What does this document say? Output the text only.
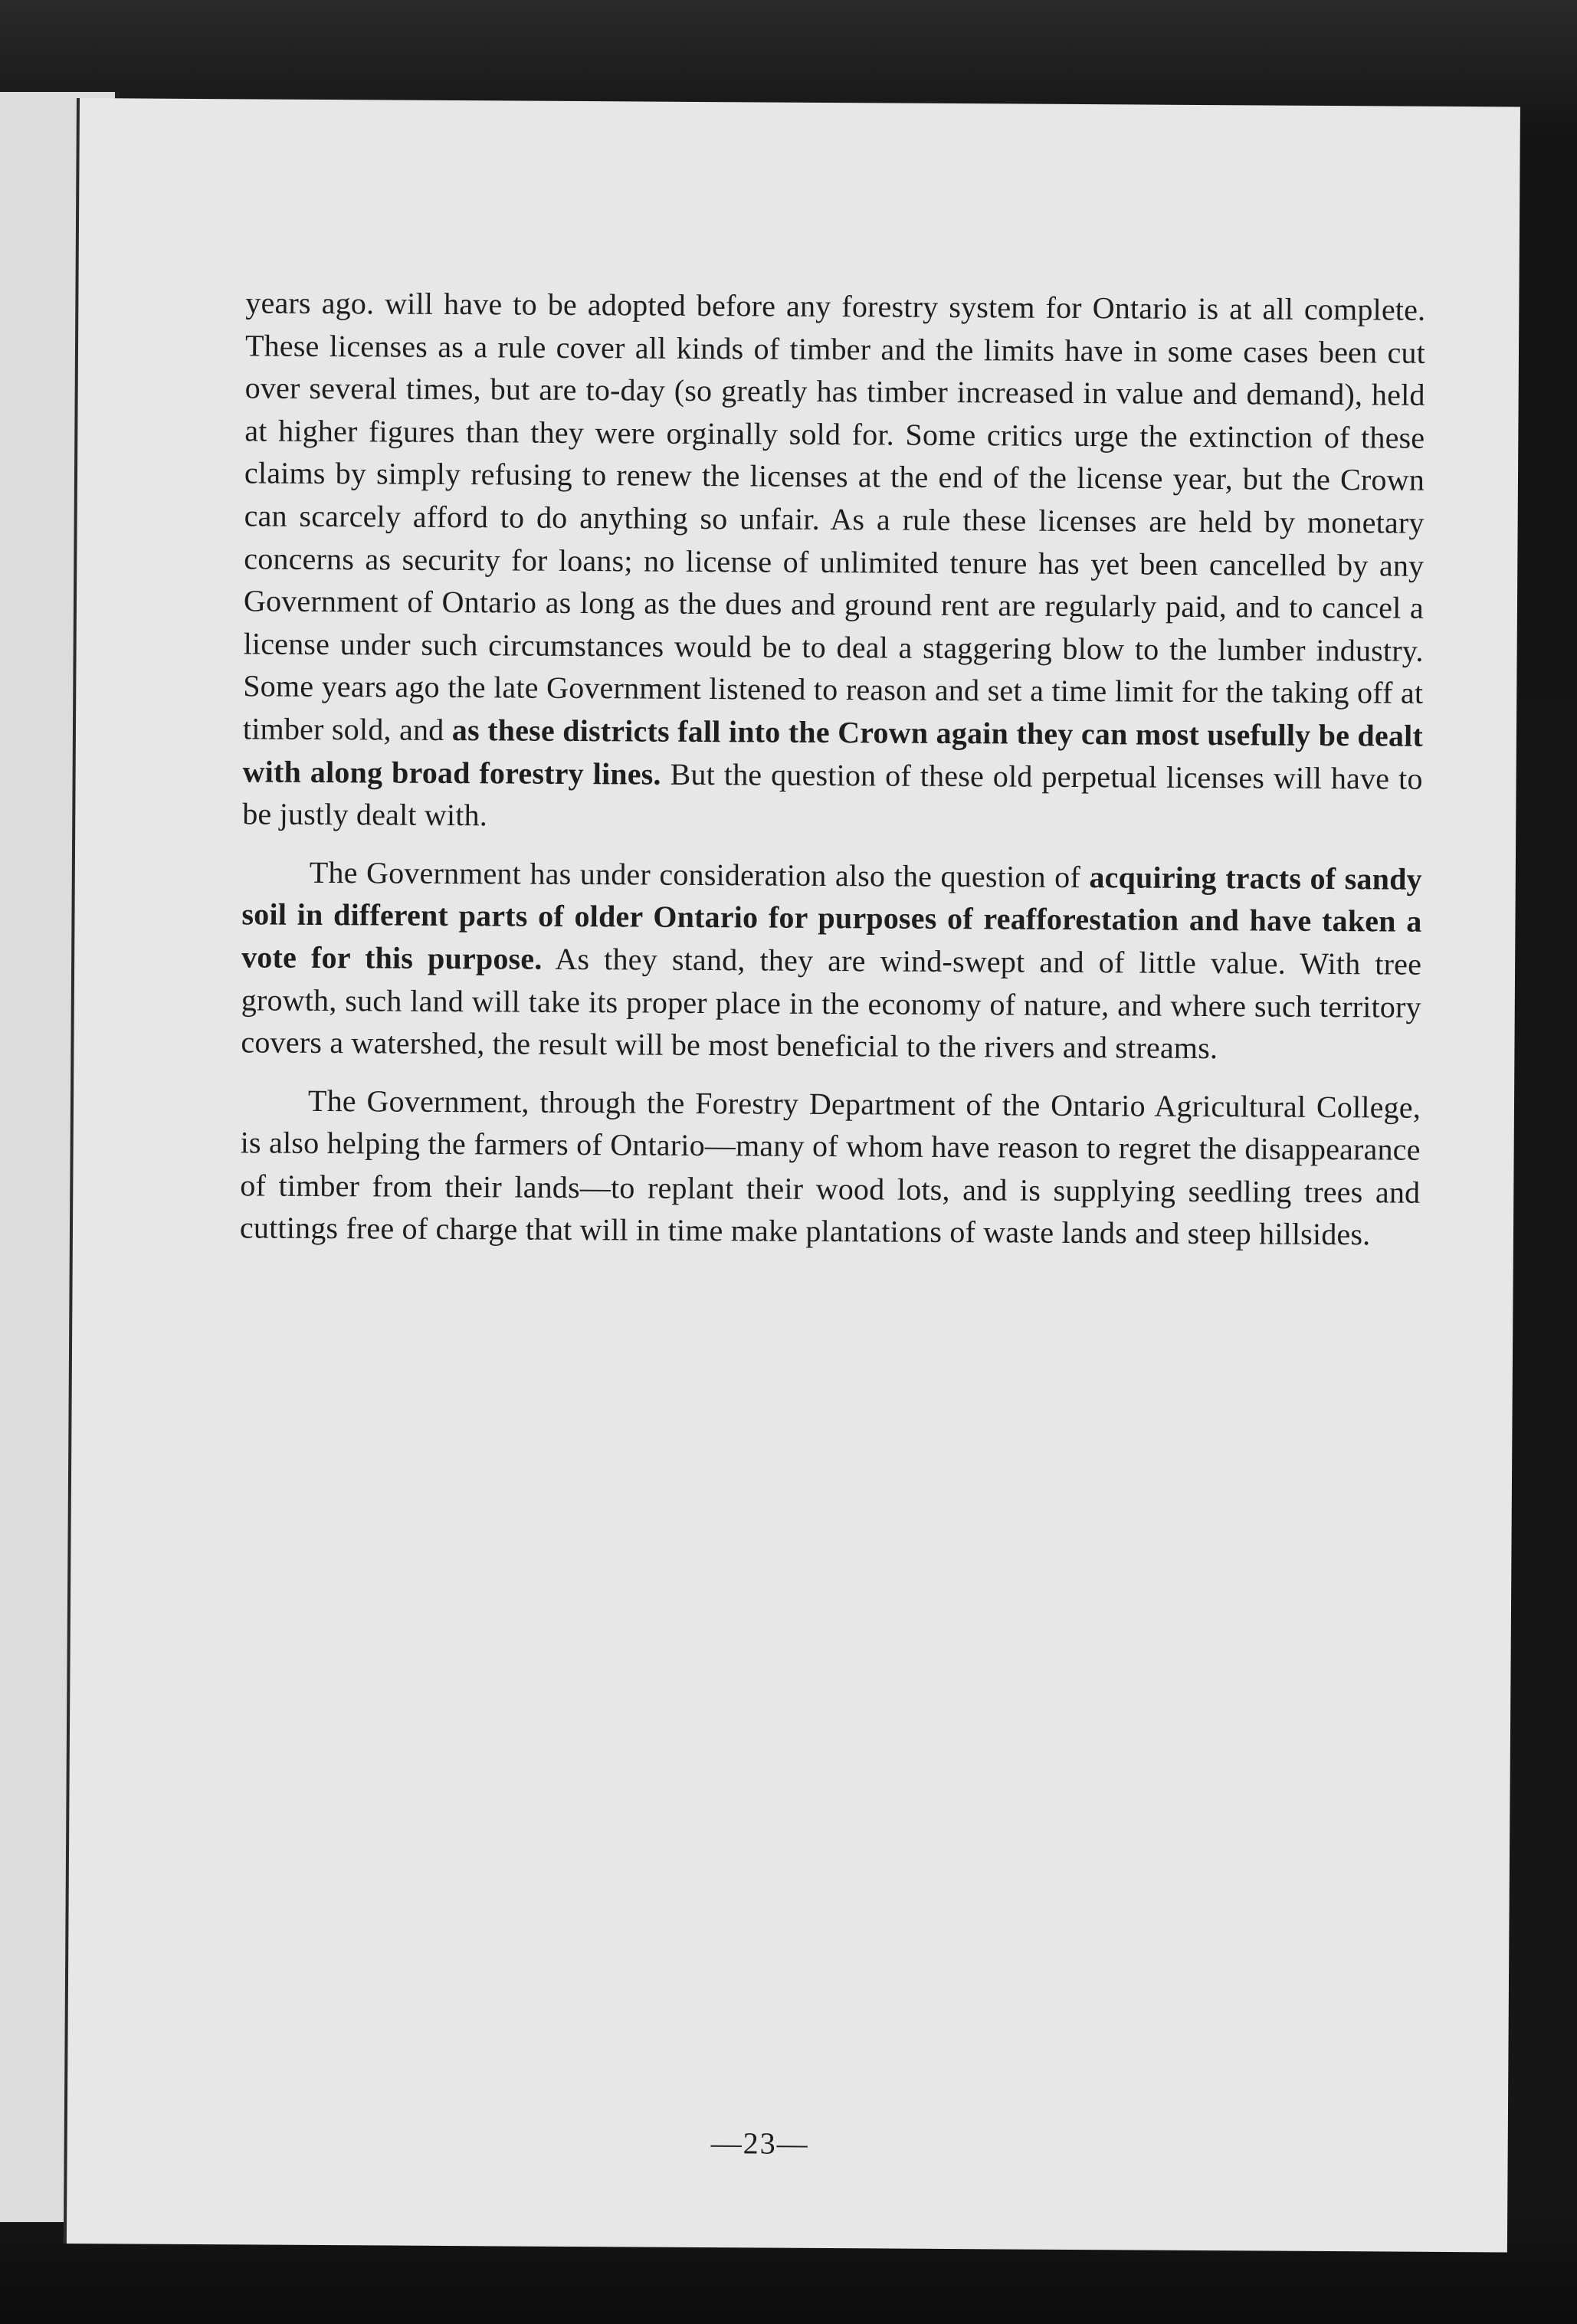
years ago. will have to be adopted before any forestry system for Ontario is at all complete. These licenses as a rule cover all kinds of timber and the limits have in some cases been cut over several times, but are to-day (so greatly has timber increased in value and demand), held at higher figures than they were orginally sold for. Some critics urge the extinction of these claims by simply refusing to renew the licenses at the end of the license year, but the Crown can scarcely afford to do anything so unfair. As a rule these licenses are held by monetary concerns as security for loans; no license of unlimited tenure has yet been cancelled by any Government of Ontario as long as the dues and ground rent are regularly paid, and to cancel a license under such circumstances would be to deal a staggering blow to the lumber industry. Some years ago the late Government listened to reason and set a time limit for the taking off at timber sold, and as these districts fall into the Crown again they can most usefully be dealt with along broad forestry lines. But the question of these old perpetual licenses will have to be justly dealt with.

The Government has under consideration also the question of acquiring tracts of sandy soil in different parts of older Ontario for purposes of reafforestation and have taken a vote for this purpose. As they stand, they are wind-swept and of little value. With tree growth, such land will take its proper place in the economy of nature, and where such territory covers a watershed, the result will be most beneficial to the rivers and streams.

The Government, through the Forestry Department of the Ontario Agricultural College, is also helping the farmers of Ontario—many of whom have reason to regret the disappearance of timber from their lands—to replant their wood lots, and is supplying seedling trees and cuttings free of charge that will in time make plantations of waste lands and steep hillsides.

—23—
